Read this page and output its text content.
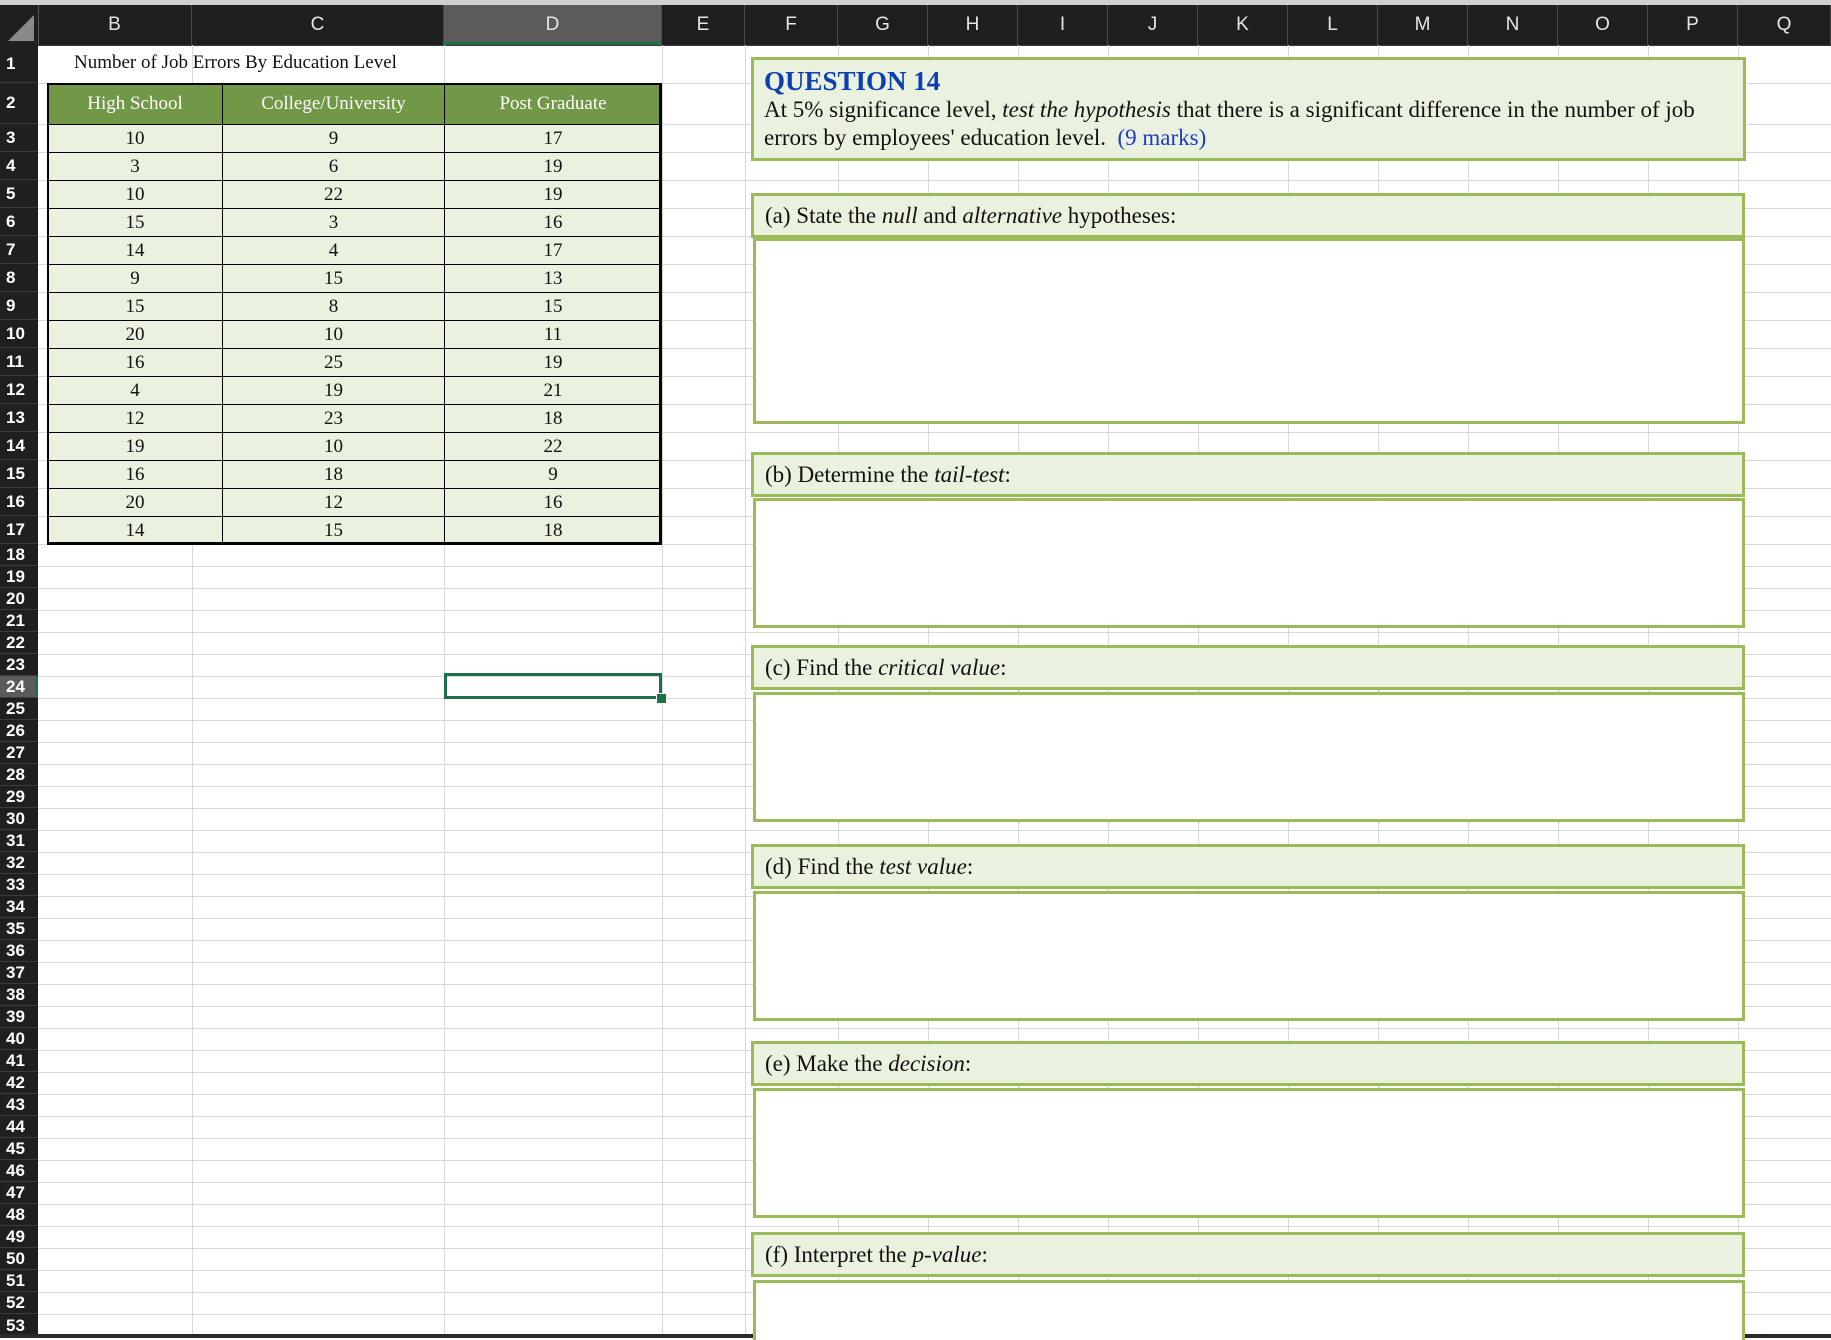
B	C	D	E	F	G	H	I	J	K	L	M	N	O	P	Q
1
2
3
4
5
6
7
8
9
10
11
12
13
14
15
16
17
18
19
20
21
22
23
24
25
26
27
28
29
30
31
32
33
34
35
36
37
38
39
40
41
42
43
44
45
46
47
48
49
50
51
52
53
Number of Job Errors By Education Level
High School	College/University	Post Graduate
10	9	17
3	6	19
10	22	19
15	3	16
14	4	17
9	15	13
15	8	15
20	10	11
16	25	19
4	19	21
12	23	18
19	10	22
16	18	9
20	12	16
14	15	18
QUESTION 14
At 5% significance level, test the hypothesis that there is a significant difference in the number of job errors by employees' education level. (9 marks)
(a) State the null and alternative hypotheses:
(b) Determine the tail-test :
(c) Find the critical value :
(d) Find the test value :
(e) Make the decision :
(f) Interpret the p-value :
